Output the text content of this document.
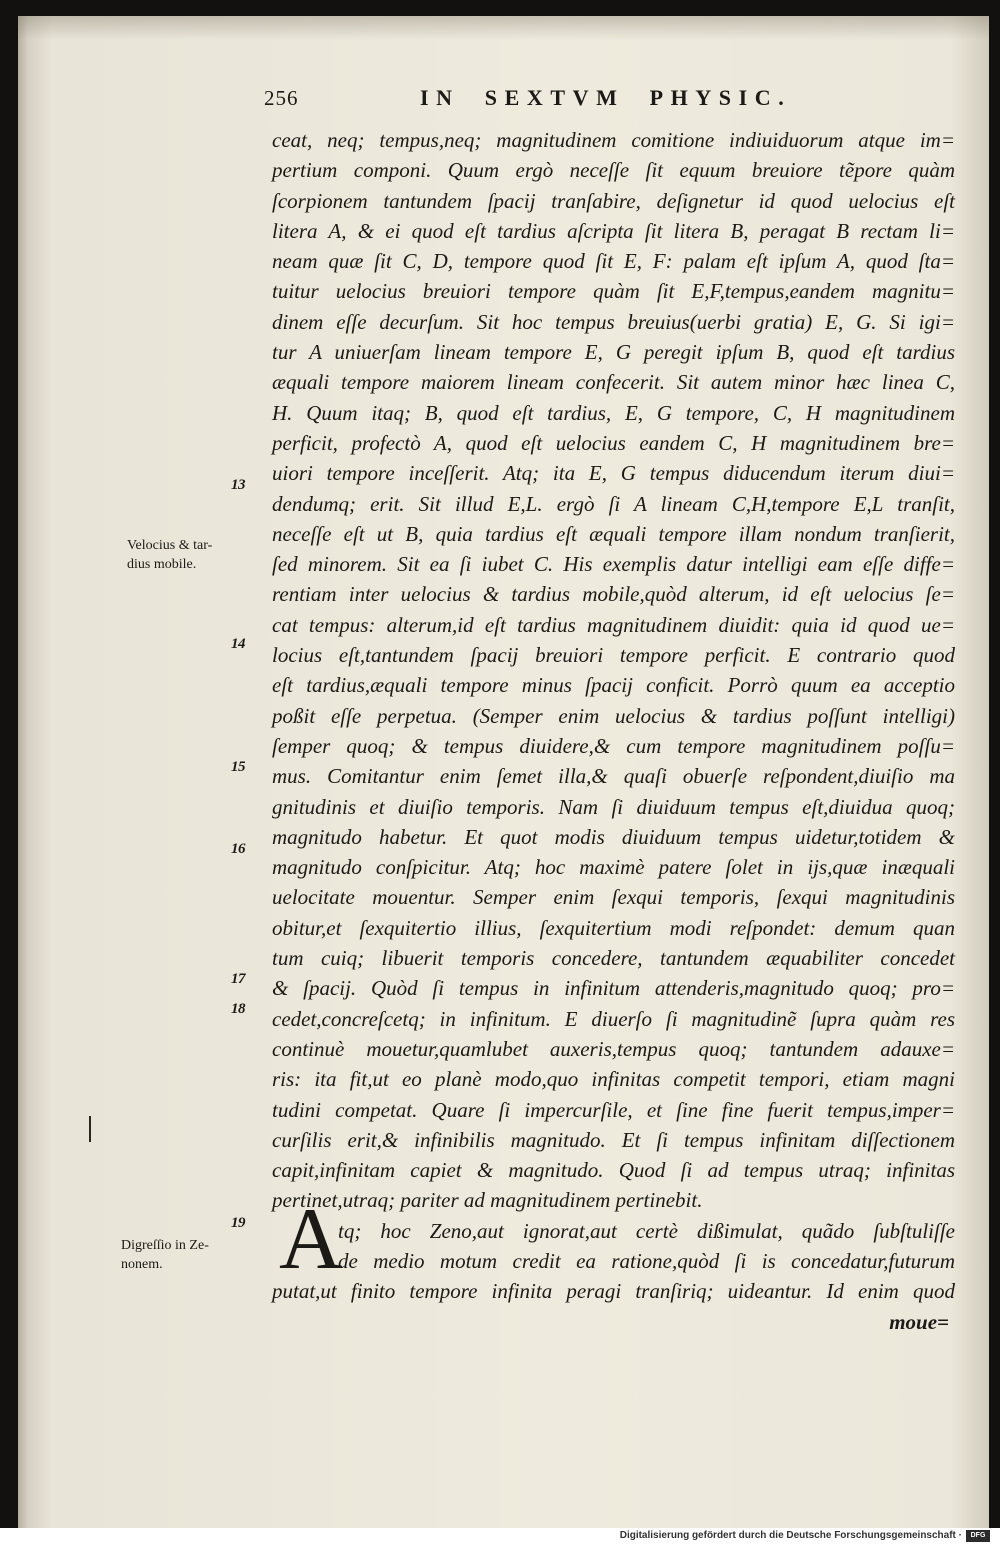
256	IN SEXTVM PHYSIC.
ceat, neq; tempus,neq; magnitudinem comitione indiuiduorum atque im=
pertium componi. Quum ergò neceſſe ſit equum breuiore tẽpore quàm
ſcorpionem tantundem ſpacij tranſabire, deſignetur id quod uelocius eſt
litera A, & ei quod eſt tardius aſcripta ſit litera B, peragat B rectam li=
neam quæ ſit C, D, tempore quod ſit E, F: palam eſt ipſum A, quod ſta=
tuitur uelocius breuiori tempore quàm ſit E,F,tempus,eandem magnitu=
dinem eſſe decurſum. Sit hoc tempus breuius(uerbi gratia) E, G. Si igi=
tur A uniuerſam lineam tempore E, G peregit ipſum B, quod eſt tardius
æquali tempore maiorem lineam confecerit. Sit autem minor hæc linea C,
H. Quum itaq; B, quod eſt tardius, E, G tempore, C, H magnitudinem
perficit, profectò A, quod eſt uelocius eandem C, H magnitudinem bre=
uiori tempore inceſſerit. Atq; ita E, G tempus diducendum iterum diui=
dendumq; erit. Sit illud E,L. ergò ſi A lineam C,H,tempore E,L tranſit,
neceſſe eſt ut B, quia tardius eſt æquali tempore illam nondum tranſierit,
ſed minorem. Sit ea ſi iubet C. His exemplis datur intelligi eam eſſe diffe=
rentiam inter uelocius & tardius mobile,quòd alterum, id eſt uelocius ſe=
cat tempus: alterum,id eſt tardius magnitudinem diuidit: quia id quod ue=
locius eſt,tantundem ſpacij breuiori tempore perficit. E contrario quod
eſt tardius,æquali tempore minus ſpacij conficit. Porrò quum ea acceptio
poßit eſſe perpetua. (Semper enim uelocius & tardius poſſunt intelligi)
ſemper quoq; & tempus diuidere,& cum tempore magnitudinem poſſu=
mus. Comitantur enim ſemet illa,& quaſi obuerſe reſpondent,diuiſio ma
gnitudinis et diuiſio temporis. Nam ſi diuiduum tempus eſt,diuidua quoq;
magnitudo habetur. Et quot modis diuiduum tempus uidetur,totidem &
magnitudo conſpicitur. Atq; hoc maximè patere ſolet in ijs,quæ inæquali
uelocitate mouentur. Semper enim ſexqui temporis, ſexqui magnitudinis
obitur,et ſexquitertio illius, ſexquitertium modi reſpondet: demum quan
tum cuiq; libuerit temporis concedere, tantundem æquabiliter concedet
& ſpacij. Quòd ſi tempus in infinitum attenderis,magnitudo quoq; pro=
cedet,concreſcetq; in infinitum. E diuerſo ſi magnitudinẽ ſupra quàm res
continuè mouetur,quamlubet auxeris,tempus quoq; tantundem adauxe=
ris: ita fit,ut eo planè modo,quo infinitas competit tempori, etiam magni
tudini competat. Quare ſi impercurſile, et ſine fine fuerit tempus,imper=
curſilis erit,& infinibilis magnitudo. Et ſi tempus infinitam diſſectionem
capit,infinitam capiet & magnitudo. Quod ſi ad tempus utraq; infinitas
pertinet,utraq; pariter ad magnitudinem pertinebit.
tq; hoc Zeno,aut ignorat,aut certè dißimulat, quãdo ſubſtuliſſe
de medio motum credit ea ratione,quòd ſi is concedatur,futurum
putat,ut finito tempore infinita peragi tranſiriq; uideantur. Id enim quod
moue=
A
13
14
15
16
17
18
19
Velocius & tar-
dius mobile.
Digreſſio in Ze-
nonem.
Digitalisierung gefördert durch die Deutsche Forschungsgemeinschaft ·	DFG
